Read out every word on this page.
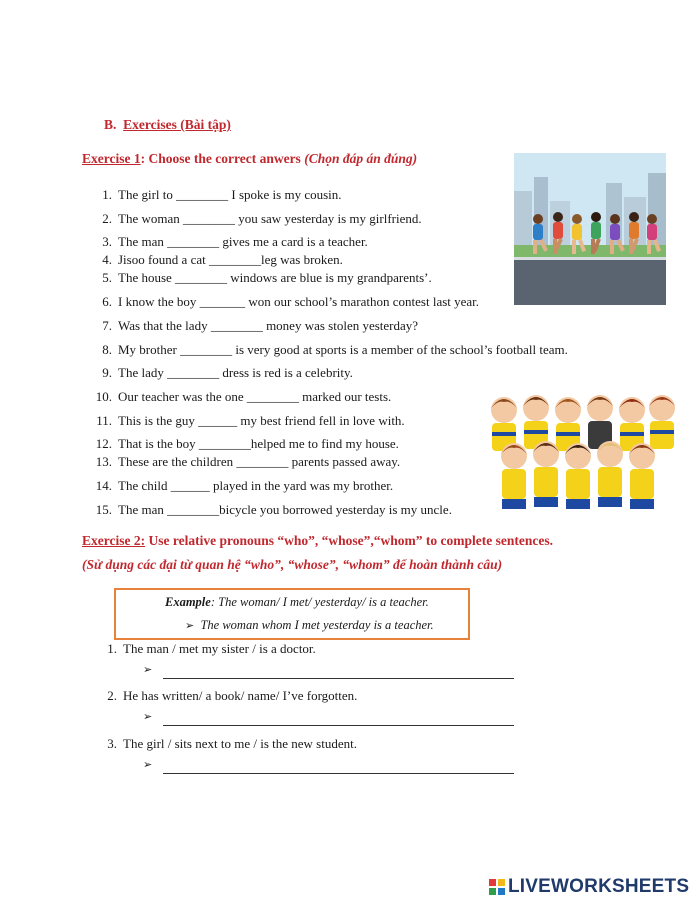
B. Exercises (Bài tập)
Exercise 1: Choose the correct anwers (Chọn đáp án đúng)
1. The girl to ________ I spoke is my cousin.
2. The woman ________ you saw yesterday is my girlfriend.
3. The man ________ gives me a card is a teacher.
4. Jisoo found a cat ________leg was broken.
5. The house ________ windows are blue is my grandparents’.
6. I know the boy _______ won our school’s marathon contest last year.
7. Was that the lady ________ money was stolen yesterday?
8. My brother ________ is very good at sports is a member of the school’s football team.
9. The lady ________ dress is red is a celebrity.
10. Our teacher was the one ________ marked our tests.
11. This is the guy ______ my best friend fell in love with.
12. That is the boy ________helped me to find my house.
13. These are the children ________ parents passed away.
14. The child ______ played in the yard was my brother.
15. The man ________bicycle you borrowed yesterday is my uncle.
Exercise 2: Use relative pronouns “who”, “whose”,“whom” to complete sentences.
(Sử dụng các đại từ quan hệ “who”, “whose”, “whom” để hoàn thành câu)
Example: The woman/ I met/ yesterday/ is a teacher.
➢ The woman whom I met yesterday is a teacher.
1. The man / met my sister / is a doctor.
➢
2. He has written/ a book/ name/ I’ve forgotten.
➢
3. The girl / sits next to me / is the new student.
➢
LIVEWORKSHEETS
